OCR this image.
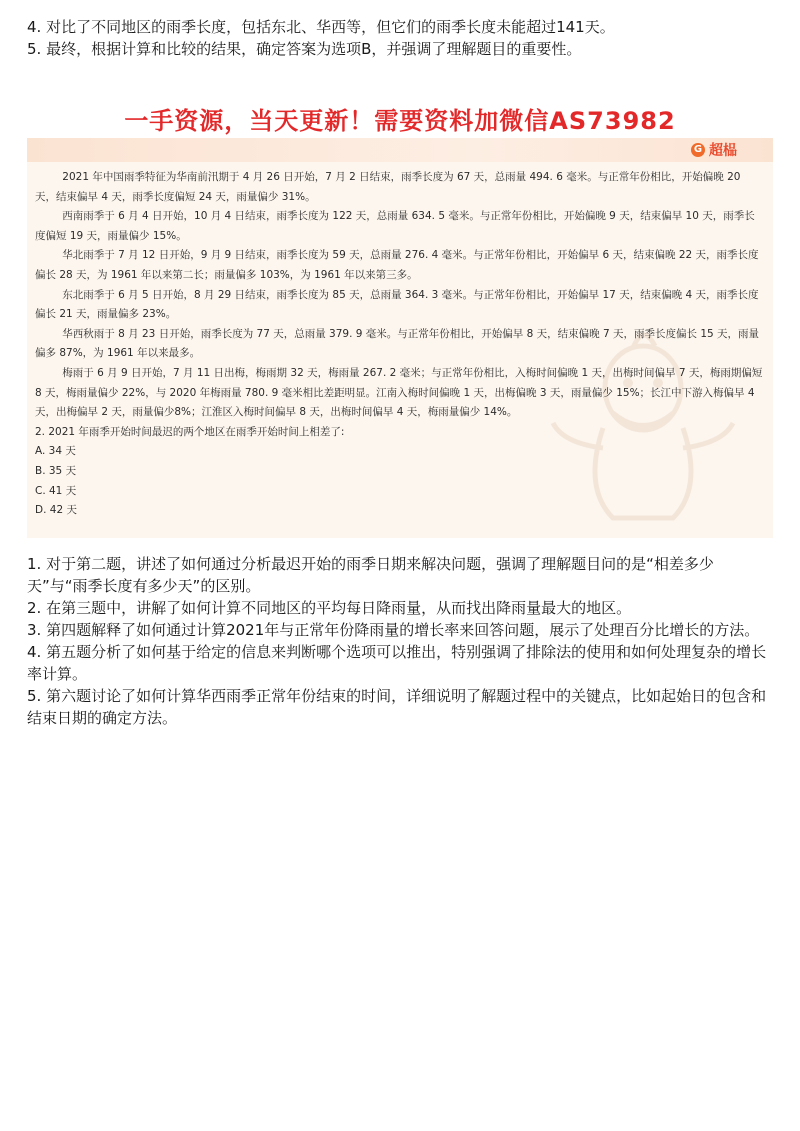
4. 对比了不同地区的雨季长度，包括东北、华西等，但它们的雨季长度未能超过141天。

5. 最终，根据计算和比较的结果，确定答案为选项B，并强调了理解题目的重要性。

一手资源，当天更新！需要资料加微信AS73982
G 超榀

2021 年中国雨季特征为华南前汛期于 4 月 26 日开始，7 月 2 日结束，雨季长度为 67 天，总雨量 494. 6 毫米。与正常年份相比，开始偏晚 20 天，结束偏早 4 天，雨季长度偏短 24 天，雨量偏少 31%。

西南雨季于 6 月 4 日开始，10 月 4 日结束，雨季长度为 122 天，总雨量 634. 5 毫米。与正常年份相比，开始偏晚 9 天，结束偏早 10 天，雨季长度偏短 19 天，雨量偏少 15%。

华北雨季于 7 月 12 日开始，9 月 9 日结束，雨季长度为 59 天，总雨量 276. 4 毫米。与正常年份相比，开始偏早 6 天，结束偏晚 22 天，雨季长度偏长 28 天，为 1961 年以来第二长；雨量偏多 103%，为 1961 年以来第三多。

东北雨季于 6 月 5 日开始，8 月 29 日结束，雨季长度为 85 天，总雨量 364. 3 毫米。与正常年份相比，开始偏早 17 天，结束偏晚 4 天，雨季长度偏长 21 天，雨量偏多 23%。

华西秋雨于 8 月 23 日开始，雨季长度为 77 天，总雨量 379. 9 毫米。与正常年份相比，开始偏早 8 天，结束偏晚 7 天，雨季长度偏长 15 天，雨量偏多 87%，为 1961 年以来最多。

梅雨于 6 月 9 日开始，7 月 11 日出梅，梅雨期 32 天，梅雨量 267. 2 毫米；与正常年份相比，入梅时间偏晚 1 天，出梅时间偏早 7 天，梅雨期偏短 8 天，梅雨量偏少 22%，与 2020 年梅雨量 780. 9 毫米相比差距明显。江南入梅时间偏晚 1 天，出梅偏晚 3 天，雨量偏少 15%；长江中下游入梅偏早 4 天，出梅偏早 2 天，雨量偏少8%；江淮区入梅时间偏早 8 天，出梅时间偏早 4 天，梅雨量偏少 14%。

2. 2021 年雨季开始时间最迟的两个地区在雨季开始时间上相差了:

A. 34 天
B. 35 天
C. 41 天
D. 42 天

1. 对于第二题，讲述了如何通过分析最迟开始的雨季日期来解决问题，强调了理解题目问的是“相差多少天”与“雨季长度有多少天”的区别。

2. 在第三题中，讲解了如何计算不同地区的平均每日降雨量，从而找出降雨量最大的地区。

3. 第四题解释了如何通过计算2021年与正常年份降雨量的增长率来回答问题，展示了处理百分比增长的方法。

4. 第五题分析了如何基于给定的信息来判断哪个选项可以推出，特别强调了排除法的使用和如何处理复杂的增长率计算。

5. 第六题讨论了如何计算华西雨季正常年份结束的时间，详细说明了解题过程中的关键点，比如起始日的包含和结束日期的确定方法。
